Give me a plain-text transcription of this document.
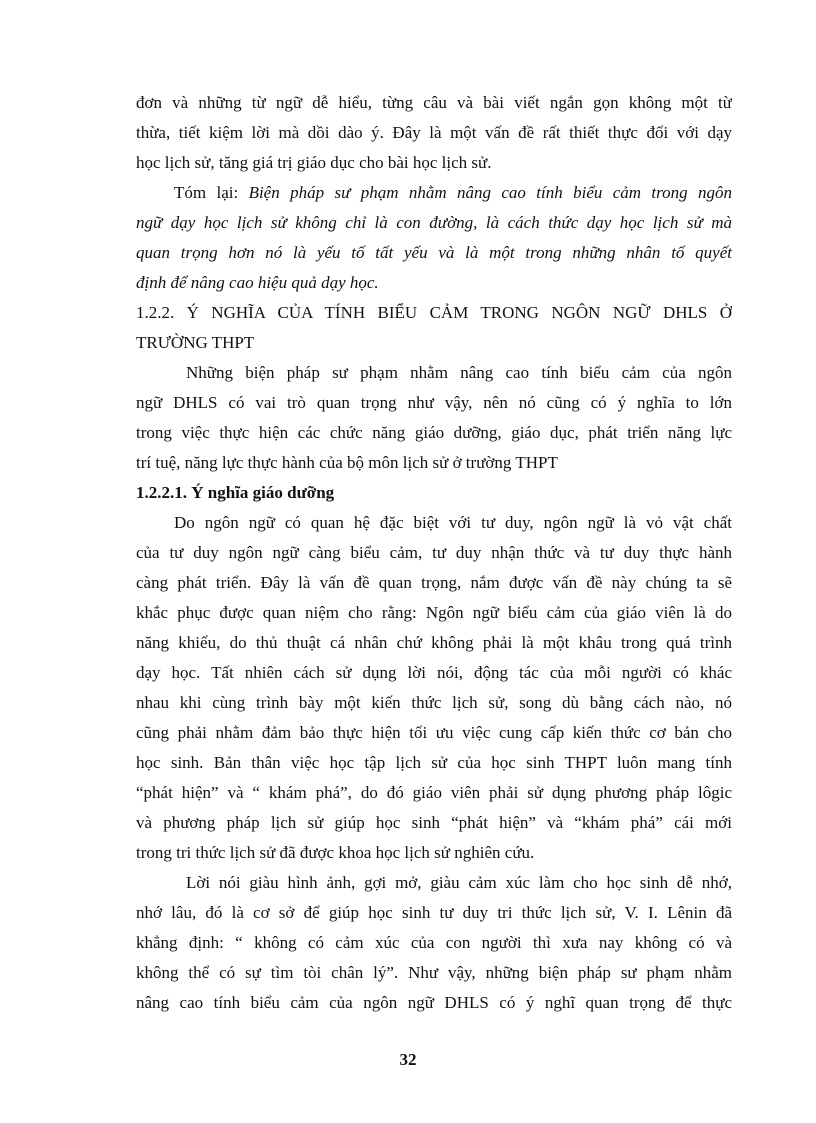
đơn và những từ ngữ dễ hiểu, từng câu và bài viết ngắn gọn không một từ
thừa, tiết kiệm lời mà dồi dào ý. Đây là một vấn đề rất thiết thực đối với dạy
học lịch sử, tăng giá trị giáo dục cho bài học lịch sử.
Tóm lại: Biện pháp sư phạm nhằm nâng cao tính biểu cảm trong ngôn
ngữ dạy học lịch sử không chỉ là con đường, là cách thức dạy học lịch sử mà
quan trọng hơn nó là yếu tố tất yếu và là một trong những nhân tố quyết
định để nâng cao hiệu quả dạy học.
1.2.2. Ý NGHĨA CỦA TÍNH BIỂU CẢM TRONG NGÔN NGỮ DHLS Ở
TRƯỜNG THPT
Những biện pháp sư phạm nhằm nâng cao tính biểu cảm của ngôn
ngữ DHLS có vai trò quan trọng như vậy, nên nó cũng có ý nghĩa to lớn
trong việc thực hiện các chức năng giáo dưỡng, giáo dục, phát triển năng lực
trí tuệ, năng lực thực hành của bộ môn lịch sử ở trường THPT
1.2.2.1. Ý nghĩa giáo dưỡng
Do ngôn ngữ có quan hệ đặc biệt với tư duy, ngôn ngữ là vỏ vật chất
của tư duy ngôn ngữ càng biểu cảm, tư duy nhận thức và tư duy thực hành
càng phát triển. Đây là vấn đề quan trọng, nắm được vấn đề này chúng ta sẽ
khắc phục được quan niệm cho rằng: Ngôn ngữ biểu cảm của giáo viên là do
năng khiếu, do thủ thuật cá nhân chứ không phải là một khâu trong quá trình
dạy học. Tất nhiên cách sử dụng lời nói, động tác của mỗi người có khác
nhau khi cùng trình bày một kiến thức lịch sử, song dù bằng cách nào, nó
cũng phải nhằm đảm bảo thực hiện tối ưu việc cung cấp kiến thức cơ bản cho
học sinh. Bản thân việc học tập lịch sử của học sinh THPT luôn mang tính
“phát hiện” và “ khám phá”, do đó giáo viên phải sử dụng phương pháp lôgic
và phương pháp lịch sử giúp học sinh “phát hiện” và “khám phá” cái mới
trong tri thức lịch sử đã được khoa học lịch sử nghiên cứu.
Lời nói giàu hình ảnh, gợi mở, giàu cảm xúc làm cho học sinh dễ nhớ,
nhớ lâu, đó là cơ sở để giúp học sinh tư duy tri thức lịch sử, V. I. Lênin đã
khẳng định: “ không có cảm xúc của con người thì xưa nay không có và
không thể có sự tìm tòi chân lý”. Như vậy, những biện pháp sư phạm nhằm
nâng cao tính biểu cảm của ngôn ngữ DHLS có ý nghĩ quan trọng để thực
32
